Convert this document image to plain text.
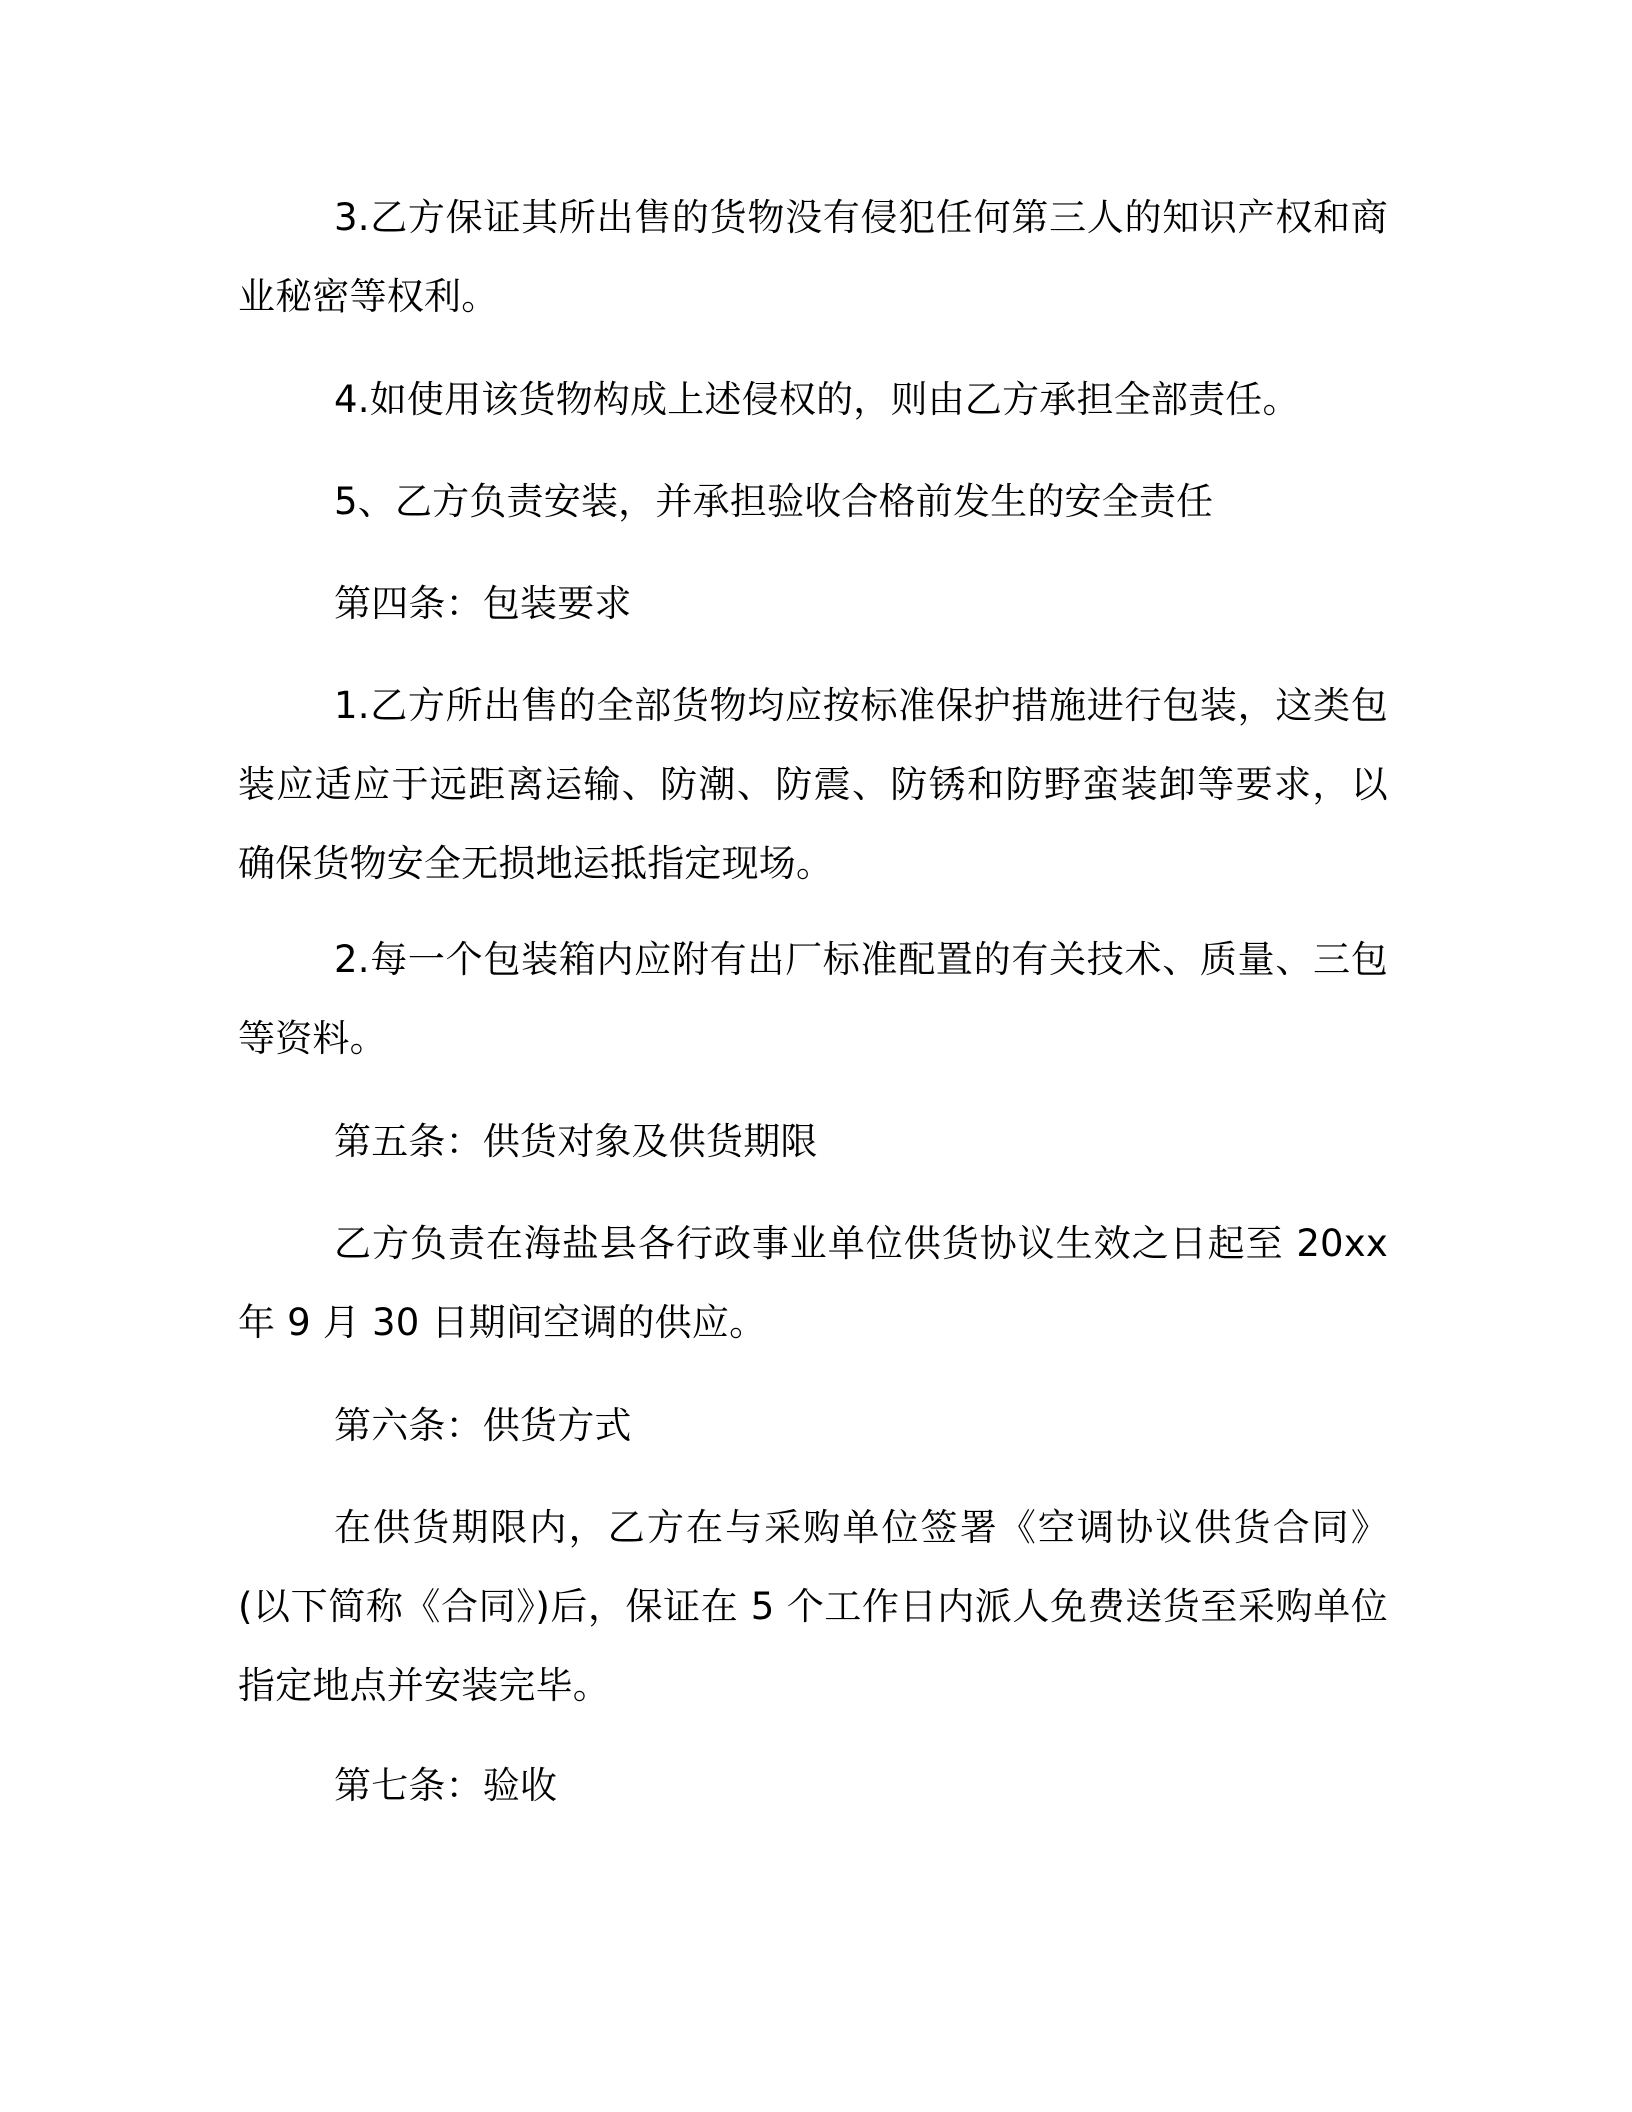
3.乙方保证其所出售的货物没有侵犯任何第三人的知识产权和商业秘密等权利。

4.如使用该货物构成上述侵权的，则由乙方承担全部责任。

5、乙方负责安装，并承担验收合格前发生的安全责任

第四条：包装要求

1.乙方所出售的全部货物均应按标准保护措施进行包装，这类包装应适应于远距离运输、防潮、防震、防锈和防野蛮装卸等要求，以确保货物安全无损地运抵指定现场。

2.每一个包装箱内应附有出厂标准配置的有关技术、质量、三包等资料。

第五条：供货对象及供货期限

乙方负责在海盐县各行政事业单位供货协议生效之日起至 20xx 年 9 月 30 日期间空调的供应。

第六条：供货方式

在供货期限内，乙方在与采购单位签署《空调协议供货合同》(以下简称《合同》)后，保证在 5 个工作日内派人免费送货至采购单位指定地点并安装完毕。

第七条：验收
